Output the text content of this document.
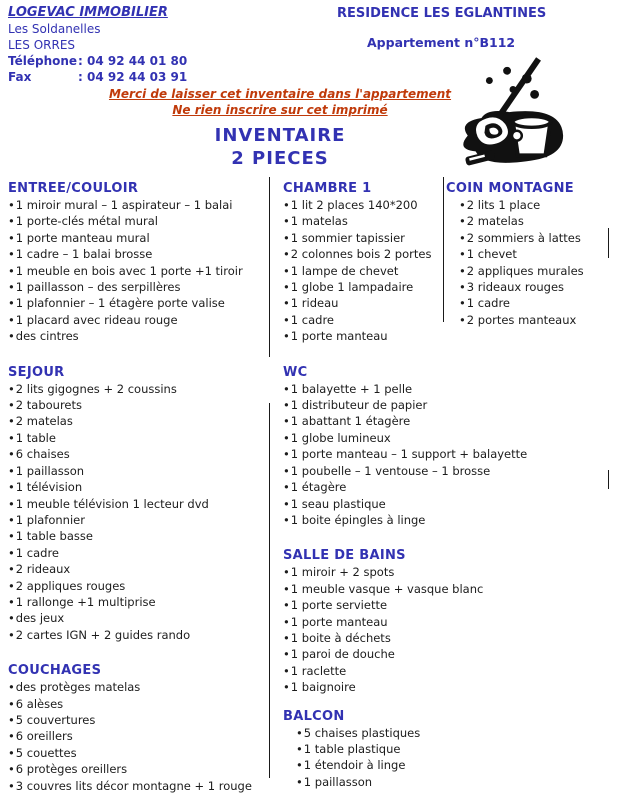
LOGEVAC IMMOBILIER
Les Soldanelles
LES ORRES
Téléphone: 04 92 44 01 80
Fax	: 04 92 44 03 91
RESIDENCE LES EGLANTINES
Appartement n°B112
Merci de laisser cet inventaire dans l'appartement
Ne rien inscrire sur cet imprimé
INVENTAIRE
2 PIECES
ENTREE/COULOIR
•1 miroir mural – 1 aspirateur – 1 balai
•1 porte-clés métal mural
•1 porte manteau mural
•1 cadre – 1 balai brosse
•1 meuble en bois avec 1 porte +1 tiroir
•1 paillasson – des serpillères
•1 plafonnier – 1 étagère porte valise
•1 placard avec rideau rouge
•des cintres
SEJOUR
•2 lits gigognes + 2 coussins
•2 tabourets
•2 matelas
•1 table
•6 chaises
•1 paillasson
•1 télévision
•1 meuble télévision 1 lecteur dvd
•1 plafonnier
•1 table basse
•1 cadre
•2 rideaux
•2 appliques rouges
•1 rallonge +1 multiprise
•des jeux
•2 cartes IGN + 2 guides rando
COUCHAGES
•des protèges matelas
•6 alèses
•5 couvertures
•6 oreillers
•5 couettes
•6 protèges oreillers
•3 couvres lits décor montagne + 1 rouge
CHAMBRE 1
•1 lit 2 places 140*200
•1 matelas
•1 sommier tapissier
•2 colonnes bois 2 portes
•1 lampe de chevet
•1 globe 1 lampadaire
•1 rideau
•1 cadre
•1 porte manteau
WC
•1 balayette + 1 pelle
•1 distributeur de papier
•1 abattant 1 étagère
•1 globe lumineux
•1 porte manteau – 1 support + balayette
•1 poubelle – 1 ventouse – 1 brosse
•1 étagère
•1 seau plastique
•1 boite épingles à linge
SALLE DE BAINS
•1 miroir + 2 spots
•1 meuble vasque + vasque blanc
•1 porte serviette
•1 porte manteau
•1 boite à déchets
•1 paroi de douche
•1 raclette
•1 baignoire
BALCON
•5 chaises plastiques
•1 table plastique
•1 étendoir à linge
•1 paillasson
COIN MONTAGNE
•2 lits 1 place
•2 matelas
•2 sommiers à lattes
•1 chevet
•2 appliques murales
•3 rideaux rouges
•1 cadre
•2 portes manteaux
